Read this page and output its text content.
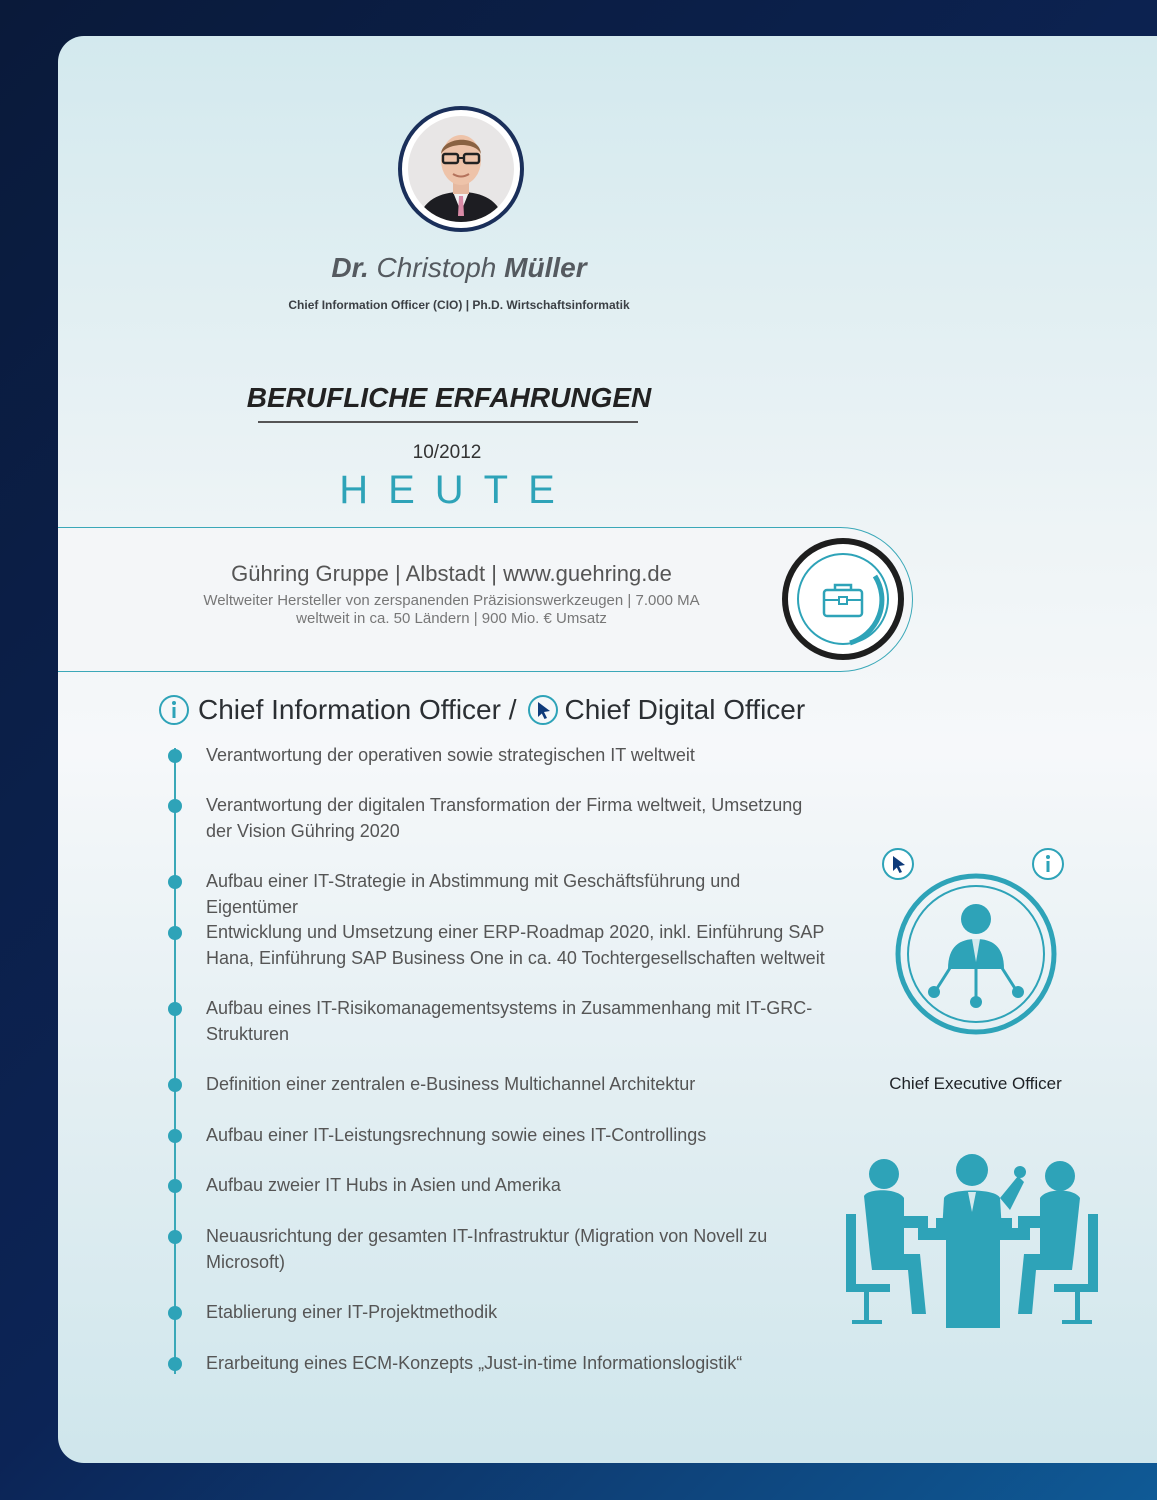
Dr. Christoph Müller
Chief Information Officer (CIO) | Ph.D. Wirtschaftsinformatik
BERUFLICHE ERFAHRUNGEN
10/2012
HEUTE
Gühring Gruppe | Albstadt | www.guehring.de
Weltweiter Hersteller von zerspanenden Präzisionswerkzeugen | 7.000 MA
weltweit in ca. 50 Ländern | 900 Mio. € Umsatz
Chief Information Officer / Chief Digital Officer
Verantwortung der operativen sowie strategischen IT weltweit
Verantwortung der digitalen Transformation der Firma weltweit, Umsetzung der Vision Gühring 2020
Aufbau einer IT-Strategie in Abstimmung mit Geschäftsführung und Eigentümer
Entwicklung und Umsetzung einer ERP-Roadmap 2020, inkl. Einführung SAP Hana, Einführung SAP Business One in ca. 40 Tochtergesellschaften weltweit
Aufbau eines IT-Risikomanagementsystems in Zusammenhang mit IT-GRC-Strukturen
Definition einer zentralen e-Business Multichannel Architektur
Aufbau einer IT-Leistungsrechnung sowie eines IT-Controllings
Aufbau zweier IT Hubs in Asien und Amerika
Neuausrichtung der gesamten IT-Infrastruktur (Migration von Novell zu Microsoft)
Etablierung einer IT-Projektmethodik
Erarbeitung eines ECM-Konzepts „Just-in-time Informationslogistik“
Chief Executive Officer
